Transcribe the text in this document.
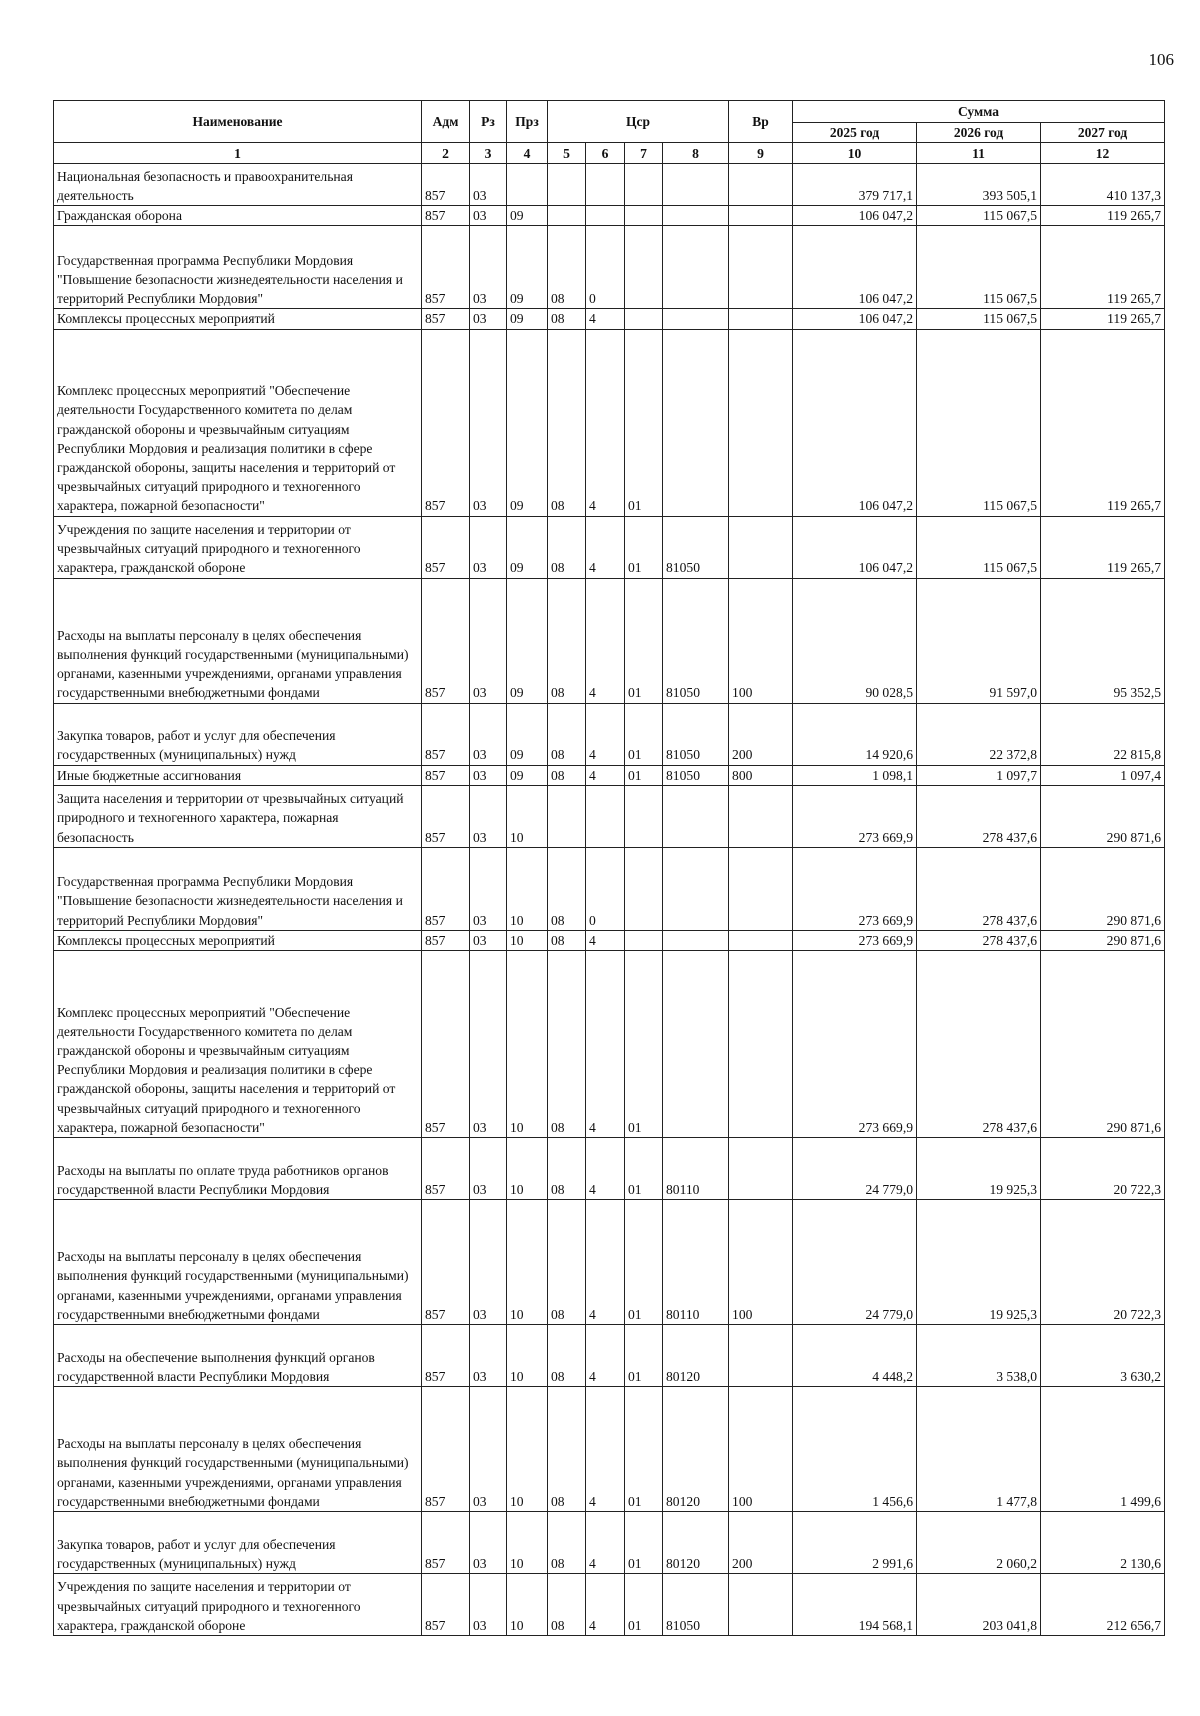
106
Наименование	Адм	Рз	Прз	Цср				Вр	Сумма		
									2025 год	2026 год	2027 год
1	2	3	4	5	6	7	8	9	10	11	12
Национальная безопасность и правоохранительная деятельность	857	03							379 717,1	393 505,1	410 137,3
Гражданская оборона	857	03	09						106 047,2	115 067,5	119 265,7
Государственная программа Республики Мордовия "Повышение безопасности жизнедеятельности населения и территорий Республики Мордовия"	857	03	09	08	0				106 047,2	115 067,5	119 265,7
Комплексы процессных мероприятий	857	03	09	08	4				106 047,2	115 067,5	119 265,7
Комплекс процессных мероприятий "Обеспечение деятельности Государственного комитета по делам гражданской обороны и чрезвычайным ситуациям Республики Мордовия и реализация политики в сфере гражданской обороны, защиты населения и территорий от чрезвычайных ситуаций природного и техногенного характера, пожарной безопасности"	857	03	09	08	4	01			106 047,2	115 067,5	119 265,7
Учреждения по защите населения и территории от чрезвычайных ситуаций природного и техногенного характера, гражданской обороне	857	03	09	08	4	01	81050		106 047,2	115 067,5	119 265,7
Расходы на выплаты персоналу в целях обеспечения выполнения функций государственными (муниципальными) органами, казенными учреждениями, органами управления государственными внебюджетными фондами	857	03	09	08	4	01	81050	100	90 028,5	91 597,0	95 352,5
Закупка товаров, работ и услуг для обеспечения государственных (муниципальных) нужд	857	03	09	08	4	01	81050	200	14 920,6	22 372,8	22 815,8
Иные бюджетные ассигнования	857	03	09	08	4	01	81050	800	1 098,1	1 097,7	1 097,4
Защита населения и территории от чрезвычайных ситуаций природного и техногенного характера, пожарная безопасность	857	03	10						273 669,9	278 437,6	290 871,6
Государственная программа Республики Мордовия "Повышение безопасности жизнедеятельности населения и территорий Республики Мордовия"	857	03	10	08	0				273 669,9	278 437,6	290 871,6
Комплексы процессных мероприятий	857	03	10	08	4				273 669,9	278 437,6	290 871,6
Комплекс процессных мероприятий "Обеспечение деятельности Государственного комитета по делам гражданской обороны и чрезвычайным ситуациям Республики Мордовия и реализация политики в сфере гражданской обороны, защиты населения и территорий от чрезвычайных ситуаций природного и техногенного характера, пожарной безопасности"	857	03	10	08	4	01			273 669,9	278 437,6	290 871,6
Расходы на выплаты по оплате труда работников органов государственной власти Республики Мордовия	857	03	10	08	4	01	80110		24 779,0	19 925,3	20 722,3
Расходы на выплаты персоналу в целях обеспечения выполнения функций государственными (муниципальными) органами, казенными учреждениями, органами управления государственными внебюджетными фондами	857	03	10	08	4	01	80110	100	24 779,0	19 925,3	20 722,3
Расходы на обеспечение выполнения функций органов государственной власти Республики Мордовия	857	03	10	08	4	01	80120		4 448,2	3 538,0	3 630,2
Расходы на выплаты персоналу в целях обеспечения выполнения функций государственными (муниципальными) органами, казенными учреждениями, органами управления государственными внебюджетными фондами	857	03	10	08	4	01	80120	100	1 456,6	1 477,8	1 499,6
Закупка товаров, работ и услуг для обеспечения государственных (муниципальных) нужд	857	03	10	08	4	01	80120	200	2 991,6	2 060,2	2 130,6
Учреждения по защите населения и территории от чрезвычайных ситуаций природного и техногенного характера, гражданской обороне	857	03	10	08	4	01	81050		194 568,1	203 041,8	212 656,7
